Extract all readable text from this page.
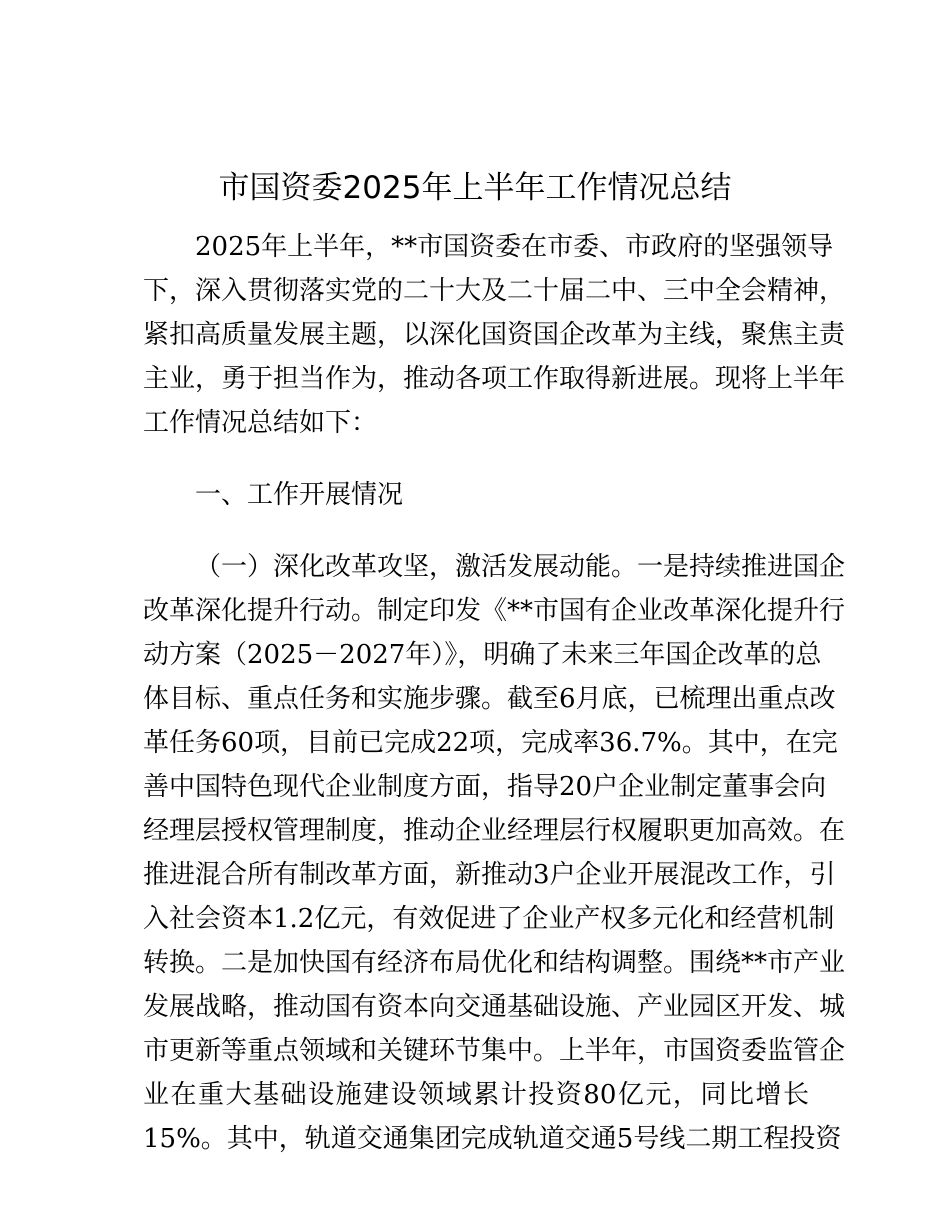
市国资委2025年上半年工作情况总结
2025年上半年，**市国资委在市委、市政府的坚强领导
下，深入贯彻落实党的二十大及二十届二中、三中全会精神，
紧扣高质量发展主题，以深化国资国企改革为主线，聚焦主责
主业，勇于担当作为，推动各项工作取得新进展。现将上半年
工作情况总结如下：
一、工作开展情况
（一）深化改革攻坚，激活发展动能。一是持续推进国企
改革深化提升行动。制定印发《**市国有企业改革深化提升行
动方案（2025－2027年）》，明确了未来三年国企改革的总
体目标、重点任务和实施步骤。截至6月底，已梳理出重点改
革任务60项，目前已完成22项，完成率36.7%。其中，在完
善中国特色现代企业制度方面，指导20户企业制定董事会向
经理层授权管理制度，推动企业经理层行权履职更加高效。在
推进混合所有制改革方面，新推动3户企业开展混改工作，引
入社会资本1.2亿元，有效促进了企业产权多元化和经营机制
转换。二是加快国有经济布局优化和结构调整。围绕**市产业
发展战略，推动国有资本向交通基础设施、产业园区开发、城
市更新等重点领域和关键环节集中。上半年，市国资委监管企
业在重大基础设施建设领域累计投资80亿元，同比增长
15%。其中，轨道交通集团完成轨道交通5号线二期工程投资
